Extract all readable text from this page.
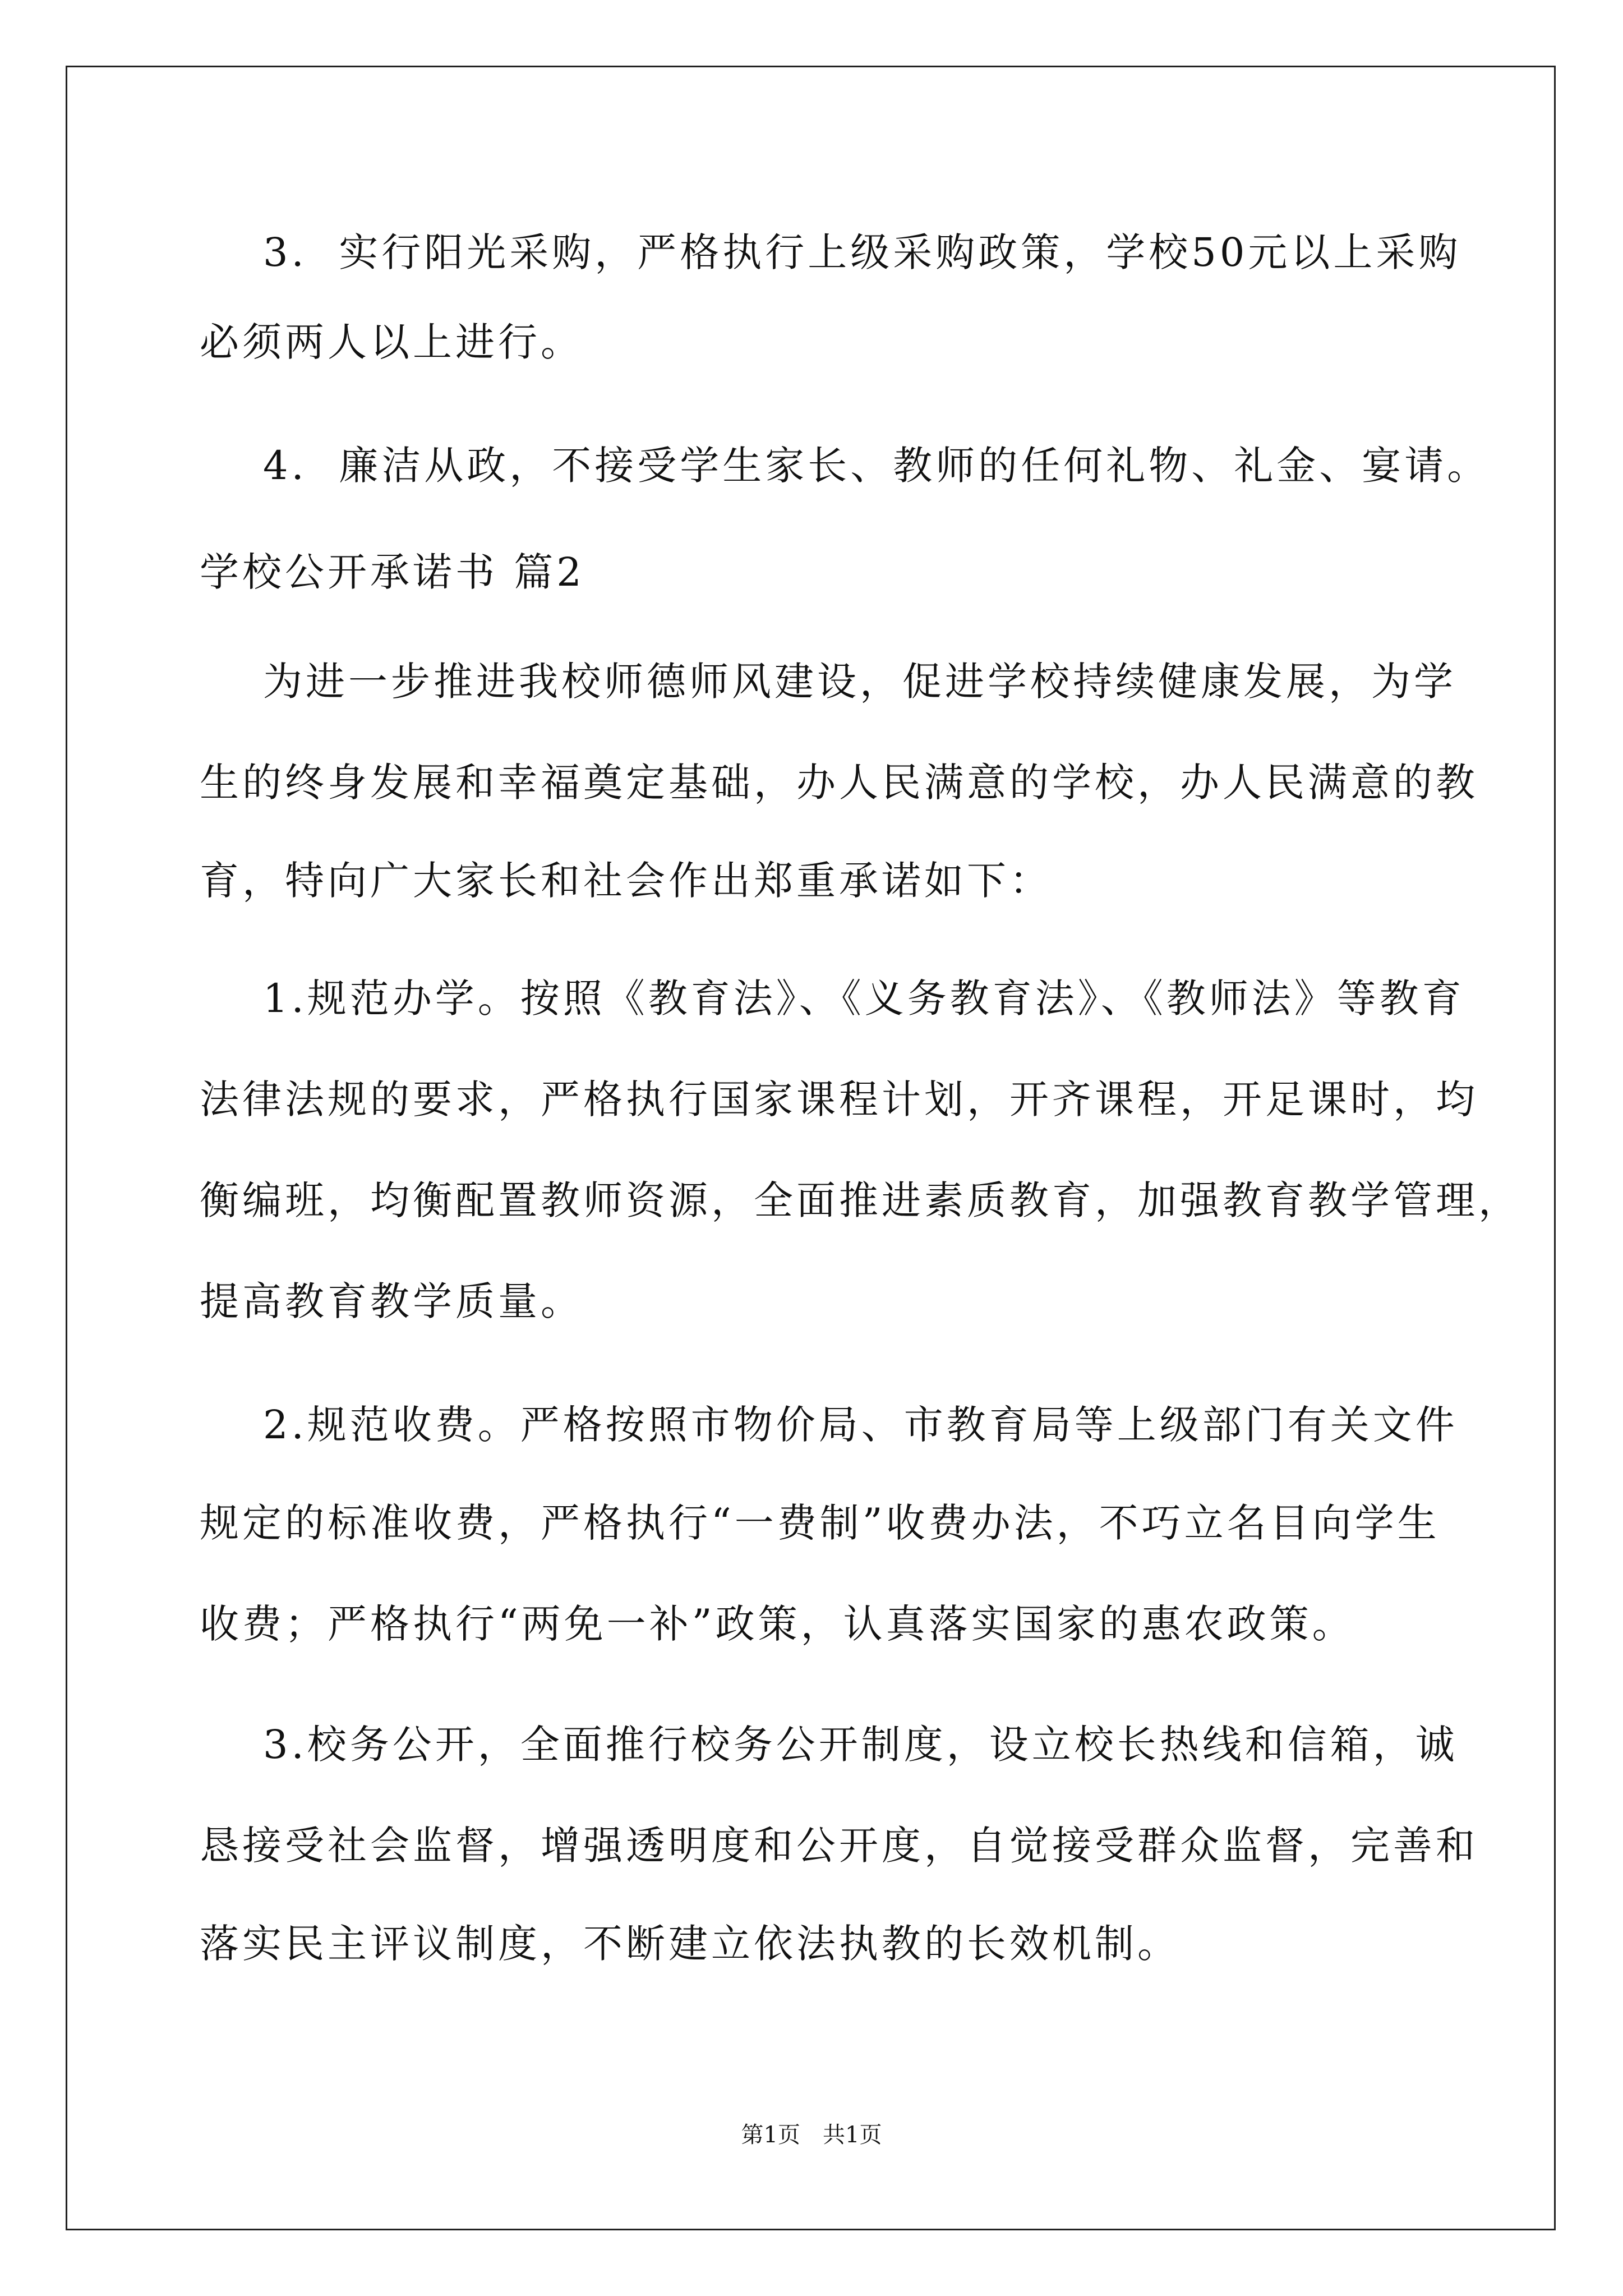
3.  实行阳光采购，严格执行上级采购政策，学校50元以上采购
必须两人以上进行。
4.  廉洁从政，不接受学生家长、教师的任何礼物、礼金、宴请。
学校公开承诺书 篇2
为进一步推进我校师德师风建设，促进学校持续健康发展，为学
生的终身发展和幸福奠定基础，办人民满意的学校，办人民满意的教
育，特向广大家长和社会作出郑重承诺如下：
1.规范办学。按照《教育法》、《义务教育法》、《教师法》等教育
法律法规的要求，严格执行国家课程计划，开齐课程，开足课时，均
衡编班，均衡配置教师资源，全面推进素质教育，加强教育教学管理，
提高教育教学质量。
2.规范收费。严格按照市物价局、市教育局等上级部门有关文件
规定的标准收费，严格执行“一费制”收费办法，不巧立名目向学生
收费；严格执行“两免一补”政策，认真落实国家的惠农政策。
3.校务公开，全面推行校务公开制度，设立校长热线和信箱，诚
恳接受社会监督，增强透明度和公开度，自觉接受群众监督，完善和
落实民主评议制度，不断建立依法执教的长效机制。
第1页　共1页
